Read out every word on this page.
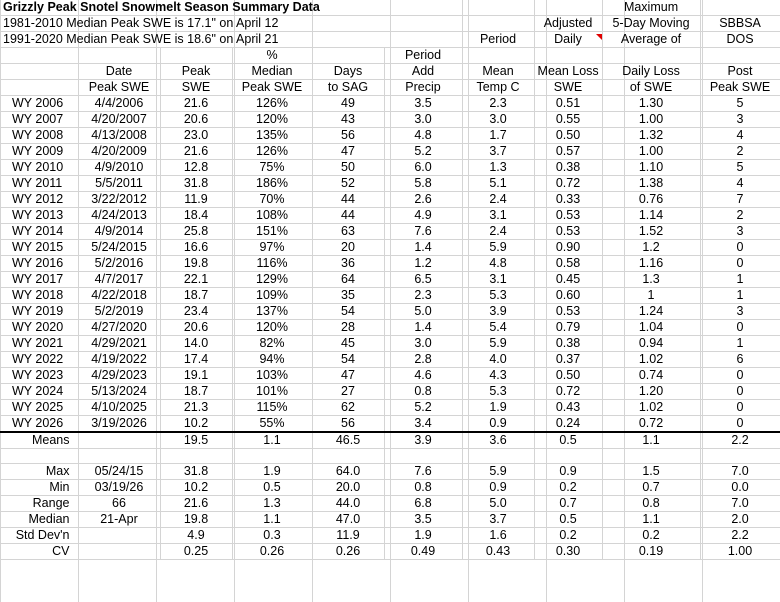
Grizzly Peak Snotel Snowmelt Season Summary Data								Maximum	
1981-2010 Median Peak SWE is 17.1" on April 12							Adjusted	5-Day Moving	SBBSA
1991-2020 Median Peak SWE is 18.6" on April 21						Period	Daily	Average of	DOS
			%		Period				
	Date	Peak	Median	Days	Add	Mean	Mean Loss	Daily Loss	Post
	Peak SWE	SWE	Peak SWE	to SAG	Precip	Temp C	SWE	of SWE	Peak SWE
WY 2006	4/4/2006	21.6	126%	49	3.5	2.3	0.51	1.30	5
WY 2007	4/20/2007	20.6	120%	43	3.0	3.0	0.55	1.00	3
WY 2008	4/13/2008	23.0	135%	56	4.8	1.7	0.50	1.32	4
WY 2009	4/20/2009	21.6	126%	47	5.2	3.7	0.57	1.00	2
WY 2010	4/9/2010	12.8	75%	50	6.0	1.3	0.38	1.10	5
WY 2011	5/5/2011	31.8	186%	52	5.8	5.1	0.72	1.38	4
WY 2012	3/22/2012	11.9	70%	44	2.6	2.4	0.33	0.76	7
WY 2013	4/24/2013	18.4	108%	44	4.9	3.1	0.53	1.14	2
WY 2014	4/9/2014	25.8	151%	63	7.6	2.4	0.53	1.52	3
WY 2015	5/24/2015	16.6	97%	20	1.4	5.9	0.90	1.2	0
WY 2016	5/2/2016	19.8	116%	36	1.2	4.8	0.58	1.16	0
WY 2017	4/7/2017	22.1	129%	64	6.5	3.1	0.45	1.3	1
WY 2018	4/22/2018	18.7	109%	35	2.3	5.3	0.60	1	1
WY 2019	5/2/2019	23.4	137%	54	5.0	3.9	0.53	1.24	3
WY 2020	4/27/2020	20.6	120%	28	1.4	5.4	0.79	1.04	0
WY 2021	4/29/2021	14.0	82%	45	3.0	5.9	0.38	0.94	1
WY 2022	4/19/2022	17.4	94%	54	2.8	4.0	0.37	1.02	6
WY 2023	4/29/2023	19.1	103%	47	4.6	4.3	0.50	0.74	0
WY 2024	5/13/2024	18.7	101%	27	0.8	5.3	0.72	1.20	0
WY 2025	4/10/2025	21.3	115%	62	5.2	1.9	0.43	1.02	0
WY 2026	3/19/2026	10.2	55%	56	3.4	0.9	0.24	0.72	0
Means		19.5	1.1	46.5	3.9	3.6	0.5	1.1	2.2

Max	05/24/15	31.8	1.9	64.0	7.6	5.9	0.9	1.5	7.0
Min	03/19/26	10.2	0.5	20.0	0.8	0.9	0.2	0.7	0.0
Range	66	21.6	1.3	44.0	6.8	5.0	0.7	0.8	7.0
Median	21-Apr	19.8	1.1	47.0	3.5	3.7	0.5	1.1	2.0
Std Dev'n		4.9	0.3	11.9	1.9	1.6	0.2	0.2	2.2
CV		0.25	0.26	0.26	0.49	0.43	0.30	0.19	1.00
